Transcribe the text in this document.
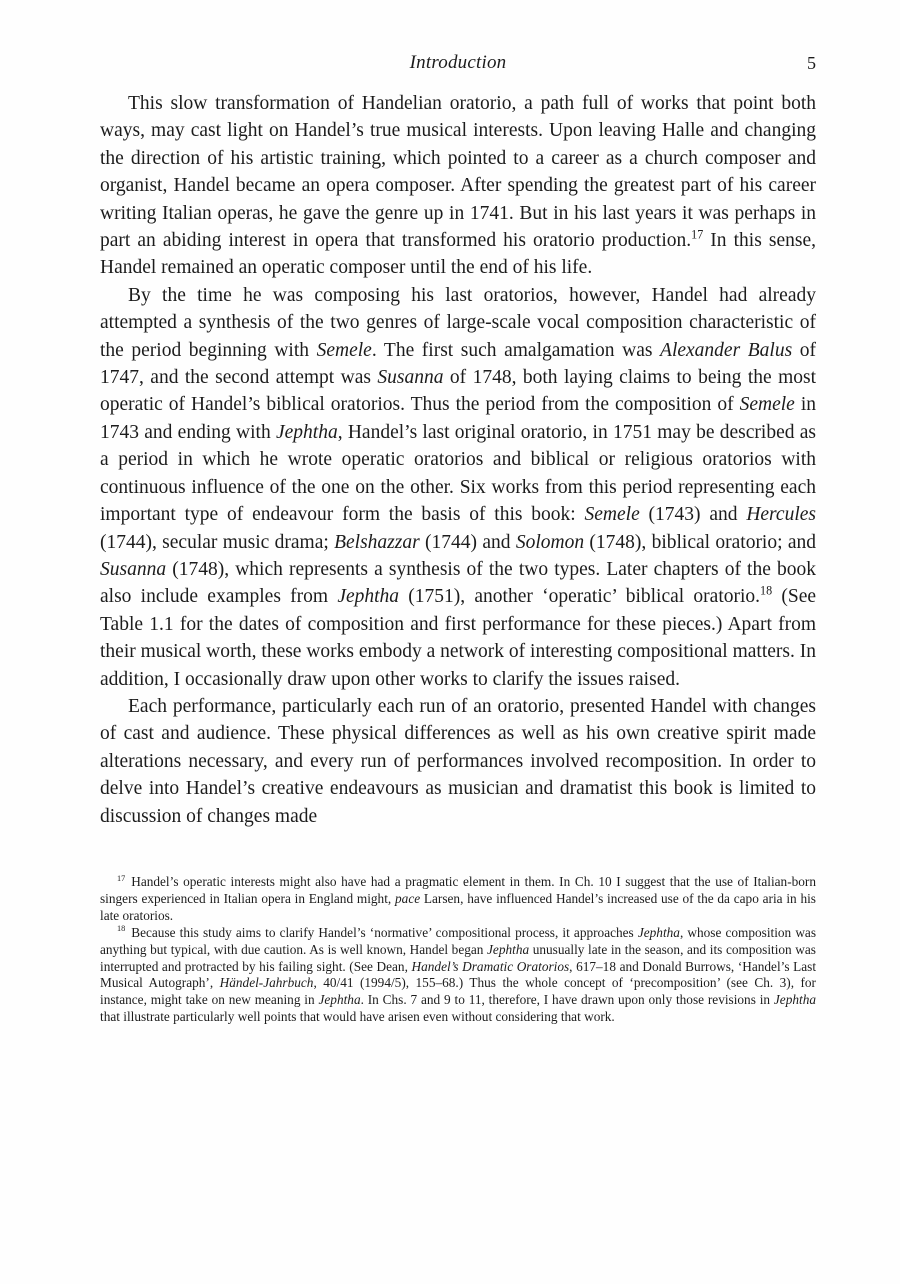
Introduction	5

This slow transformation of Handelian oratorio, a path full of works that point both ways, may cast light on Handel’s true musical interests. Upon leaving Halle and changing the direction of his artistic training, which pointed to a career as a church composer and organist, Handel became an opera composer. After spending the greatest part of his career writing Italian operas, he gave the genre up in 1741. But in his last years it was perhaps in part an abiding interest in opera that transformed his oratorio production.$^{17}$ In this sense, Handel remained an operatic composer until the end of his life.

By the time he was composing his last oratorios, however, Handel had already attempted a synthesis of the two genres of large-scale vocal composition characteristic of the period beginning with Semele. The first such amalgamation was Alexander Balus of 1747, and the second attempt was Susanna of 1748, both laying claims to being the most operatic of Handel’s biblical oratorios. Thus the period from the composition of Semele in 1743 and ending with Jephtha, Handel’s last original oratorio, in 1751 may be described as a period in which he wrote operatic oratorios and biblical or religious oratorios with continuous influence of the one on the other. Six works from this period representing each important type of endeavour form the basis of this book: Semele (1743) and Hercules (1744), secular music drama; Belshazzar (1744) and Solomon (1748), biblical oratorio; and Susanna (1748), which represents a synthesis of the two types. Later chapters of the book also include examples from Jephtha (1751), another ‘operatic’ biblical oratorio.$^{18}$ (See Table 1.1 for the dates of composition and first performance for these pieces.) Apart from their musical worth, these works embody a network of interesting compositional matters. In addition, I occasionally draw upon other works to clarify the issues raised.

Each performance, particularly each run of an oratorio, presented Handel with changes of cast and audience. These physical differences as well as his own creative spirit made alterations necessary, and every run of performances involved recomposition. In order to delve into Handel’s creative endeavours as musician and dramatist this book is limited to discussion of changes made

$^{17}$ Handel’s operatic interests might also have had a pragmatic element in them. In Ch. 10 I suggest that the use of Italian-born singers experienced in Italian opera in England might, pace Larsen, have influenced Handel’s increased use of the da capo aria in his late oratorios.

$^{18}$ Because this study aims to clarify Handel’s ‘normative’ compositional process, it approaches Jephtha, whose composition was anything but typical, with due caution. As is well known, Handel began Jephtha unusually late in the season, and its composition was interrupted and protracted by his failing sight. (See Dean, Handel’s Dramatic Oratorios, 617–18 and Donald Burrows, ‘Handel’s Last Musical Autograph’, Händel-Jahrbuch, 40/41 (1994/5), 155–68.) Thus the whole concept of ‘precomposition’ (see Ch. 3), for instance, might take on new meaning in Jephtha. In Chs. 7 and 9 to 11, therefore, I have drawn upon only those revisions in Jephtha that illustrate particularly well points that would have arisen even without considering that work.
